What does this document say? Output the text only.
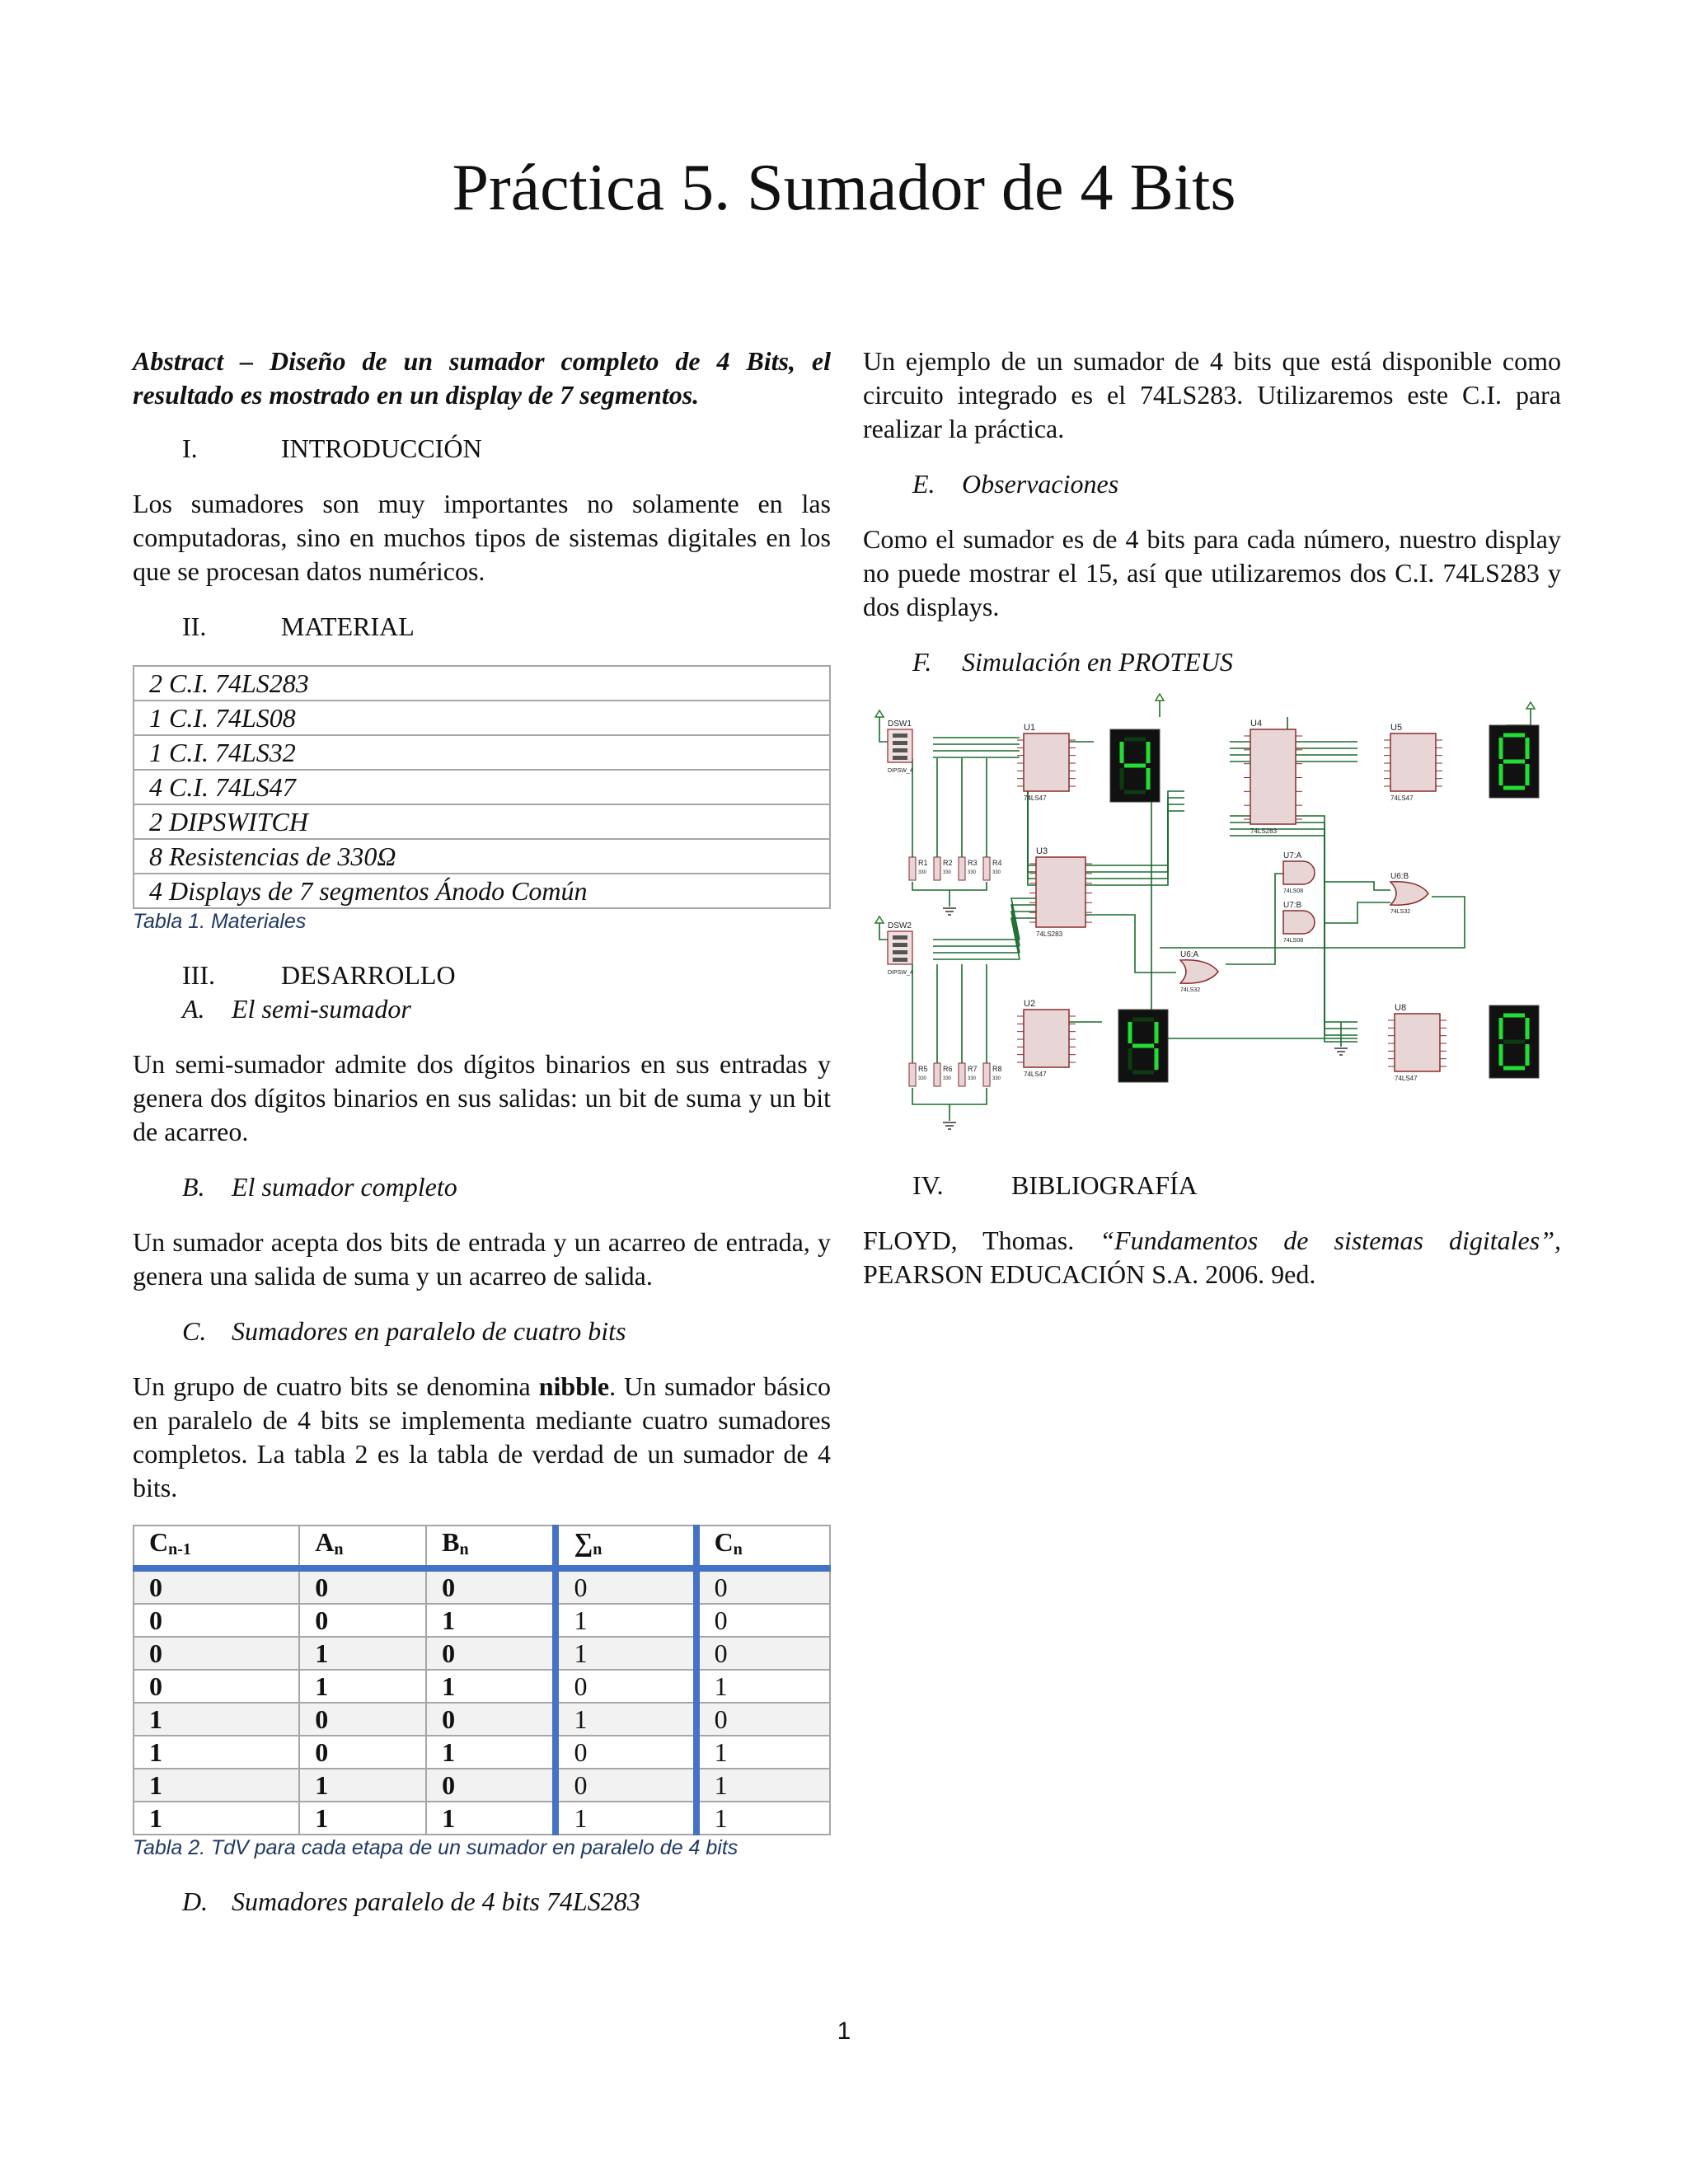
Práctica 5. Sumador de 4 Bits

Abstract – Diseño de un sumador completo de 4 Bits, el resultado es mostrado en un display de 7 segmentos.

I.	INTRODUCCIÓN

Los sumadores son muy importantes no solamente en las computadoras, sino en muchos tipos de sistemas digitales en los que se procesan datos numéricos.

II.	MATERIAL
2 C.I. 74LS283
1 C.I. 74LS08
1 C.I. 74LS32
4 C.I. 74LS47
2 DIPSWITCH
8 Resistencias de 330Ω
4 Displays de 7 segmentos Ánodo Común
Tabla 1. Materiales
III.	DESARROLLO
A. El semi-sumador

Un semi-sumador admite dos dígitos binarios en sus entradas y genera dos dígitos binarios en sus salidas: un bit de suma y un bit de acarreo.

B. El sumador completo

Un sumador acepta dos bits de entrada y un acarreo de entrada, y genera una salida de suma y un acarreo de salida.

C. Sumadores en paralelo de cuatro bits

Un grupo de cuatro bits se denomina nibble. Un sumador básico en paralelo de 4 bits se implementa mediante cuatro sumadores completos. La tabla 2 es la tabla de verdad de un sumador de 4 bits.

$C_{n-1}$	$A_n$	$B_n$	$\sum_n$	$C_n$
0	0	0	0	0
0	0	1	1	0
0	1	0	1	0
0	1	1	0	1
1	0	0	1	0
1	0	1	0	1
1	1	0	0	1
1	1	1	1	1
Tabla 2. TdV para cada etapa de un sumador en paralelo de 4 bits
D. Sumadores paralelo de 4 bits 74LS283

Un ejemplo de un sumador de 4 bits que está disponible como circuito integrado es el 74LS283. Utilizaremos este C.I. para realizar la práctica.

E. Observaciones

Como el sumador es de 4 bits para cada número, nuestro display no puede mostrar el 15, así que utilizaremos dos C.I. 74LS283 y dos displays.

F. Simulación en PROTEUS
DSW1
DIPSW_4
DSW2
DIPSW_4
U1
74LS47
U3
74LS283
U2
74LS47
U4
74LS283
U5
74LS47
U8
74LS47
U7:A
74LS08
U7:B
74LS08
U6:B
74LS32
U6:A
74LS32
R1
330
R2
330
R3
330
R4
330
R5
330
R6
330
R7
330
R8
330
IV.	BIBLIOGRAFÍA

FLOYD, Thomas. “Fundamentos de sistemas digitales”, PEARSON EDUCACIÓN S.A. 2006. 9ed.

1
